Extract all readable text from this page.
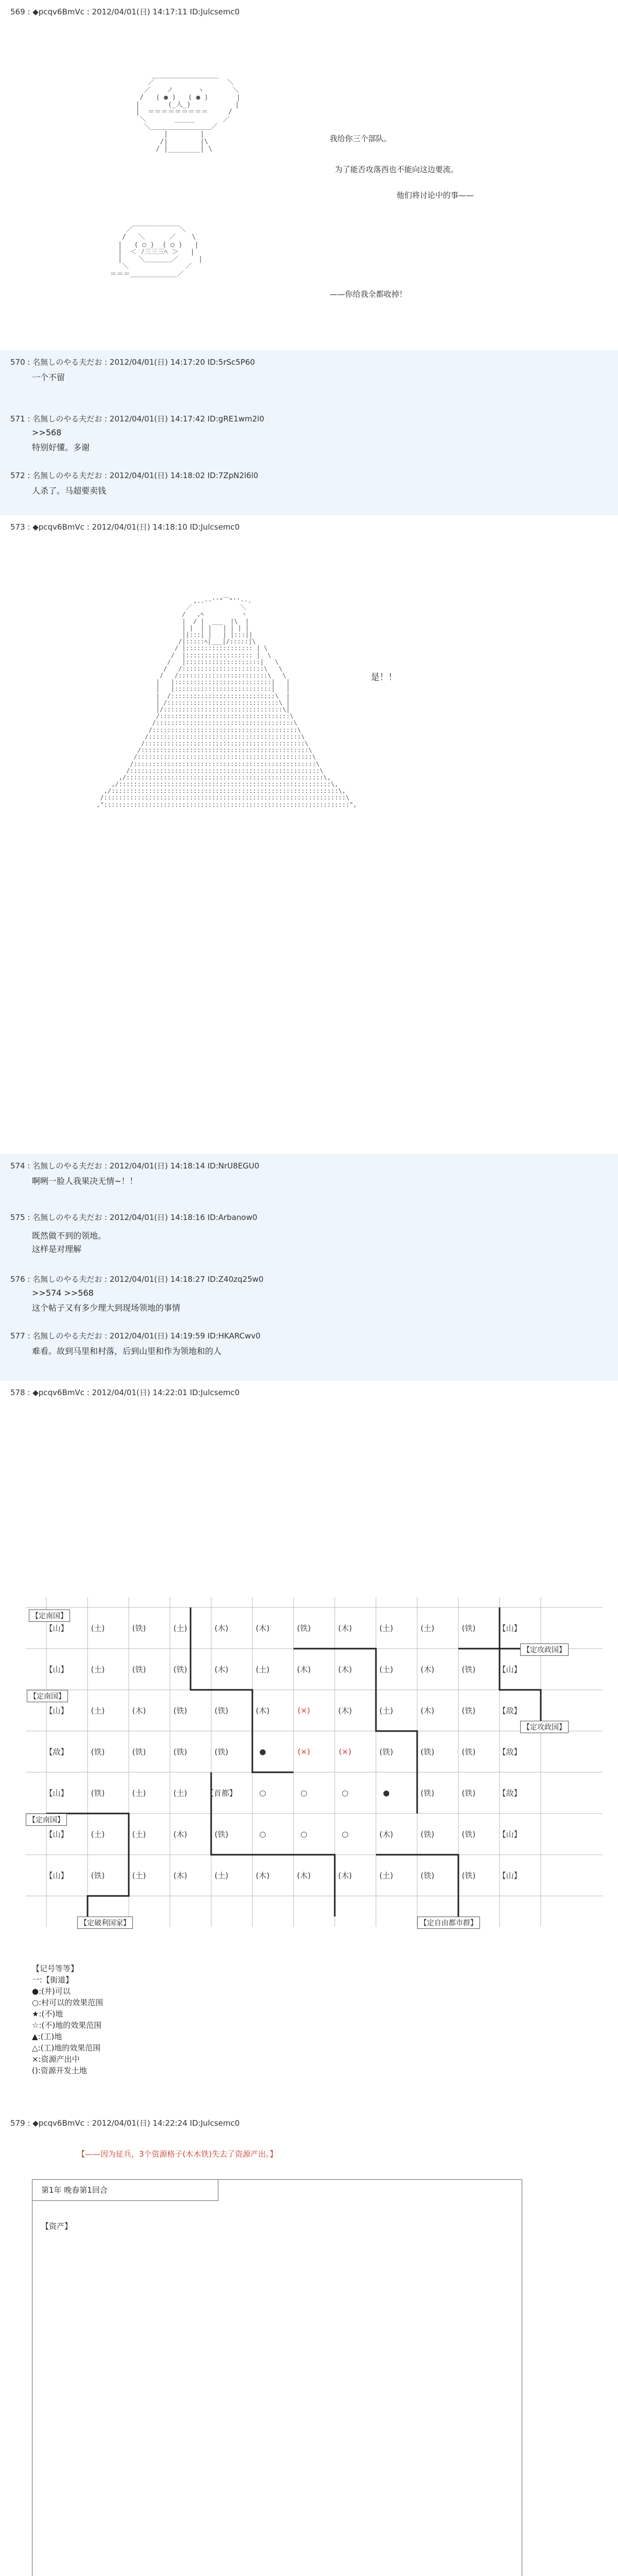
569 : ◆pcqv6BmVc : 2012/04/01(日) 14:17:11 ID:Julcsemc0
＿＿＿＿＿＿＿＿＿＿
／                  ＼
／    ノ      ヽ       ＼
/   ( ● )   ( ● )       |
|       (_人_)           |
|  ＝＝＝＝＝＝＝＝＝     /
＼       ＿＿＿       ／
＼＿＿＿＿＿＿＿＿＿／
|        |
/|        |\
/ |________| \
我给你三个部队。
为了能否攻落西也不能向这边要流。
他们将讨论中的事——
／￣￣￣￣￣￣￣＼
/   ＼      ／    \
|   ( ○ )  ( ○ )   |
|  ＜ ﾉ三三三ﾍ ＞   |
|    ＼＿＿＿＿／     |
＼              ／
＝＝＝＿＿＿＿＿＿＿／
——你给我全都收掉！
570 : 名無しのやる夫だお : 2012/04/01(日) 14:17:20 ID:5rSc5P60
一个不留
571 : 名無しのやる夫だお : 2012/04/01(日) 14:17:42 ID:gRE1wm2l0
>>568
特别好懂。多谢
572 : 名無しのやる夫だお : 2012/04/01(日) 14:18:02 ID:7ZpN2l6l0
人杀了。马超要卖钱
573 : ◆pcqv6BmVc : 2012/04/01(日) 14:18:10 ID:Julcsemc0
,..-‐''"￣"''‐-.
／             ＼
/   ,ﾍ          ヽ
|  / |  ___  |\  |
| |  | |   | | | |
||:::| |   | |:::||
/|:::::ﾍ|___|/:::::|\
/ |:::::::::::::::::: | \
/  |:::::::::::::::::: |  \
/   |::::::::::::::::::::|   \
/   /::::::::::::::::::::::\   \
/   /::::::::::::::::::::::::\   \
|   |::::::::::::::::::::::::::|   |
|   |::::::::::::::::::::::::::|   |
|  /::::::::::::::::::::::::::::\  |
| /::::::::::::::::::::::::::::::\ |
|/::::::::::::::::::::::::::::::::\|
/:::::::::::::::::::::::::::::::::::\
/:::::::::::::::::::::::::::::::::::::\
/:::::::::::::::::::::::::::::::::::::::\
/:::::::::::::::::::::::::::::::::::::::::\
/:::::::::::::::::::::::::::::::::::::::::::\
/:::::::::::::::::::::::::::::::::::::::::::::\
/:::::::::::::::::::::::::::::::::::::::::::::::\
/:::::::::::::::::::::::::::::::::::::::::::::::::\
/:::::::::::::::::::::::::::::::::::::::::::::::::::\
,/:::::::::::::::::::::::::::::::::::::::::::::::::::::\,
,/:::::::::::::::::::::::::::::::::::::::::::::::::::::::::\,
,/:::::::::::::::::::::::::::::::::::::::::::::::::::::::::::::\,
/:::::::::::::::::::::::::::::::::::::::::::::::::::::::::::::::::\
,"::::::::::::::::::::::::::::::::::::::::::::::::::::::::::::::::::",
是！！
574 : 名無しのやる夫だお : 2012/04/01(日) 14:18:14 ID:NrU8EGU0
啊咧一脸人我果决无情~！！
575 : 名無しのやる夫だお : 2012/04/01(日) 14:18:16 ID:Arbanow0
既然做不到的领地。
这样是对理解
576 : 名無しのやる夫だお : 2012/04/01(日) 14:18:27 ID:Z40zq25w0
>>574 >>568
这个帖子又有多少理大到现场领地的事情
577 : 名無しのやる夫だお : 2012/04/01(日) 14:19:59 ID:HKARCwv0
难看。故到马里和村落，后到山里和作为领地和的人
578 : ◆pcqv6BmVc : 2012/04/01(日) 14:22:01 ID:Julcsemc0
【定南国】
【定攻政国】
【定南国】
【定攻政国】
【定南国】
【定破利国家】	【定自由都市群】
【山】	(土)	(铁)	(土)	(木)	(木)	(铁)	(木)	(土)	(土)	(铁)	【山】
【山】	(土)	(铁)	(铁)	(木)	(土)	(木)	(木)	(土)	(木)	(铁)	【山】
【山】	(土)	(木)	(铁)	(铁)	(木)	(×)	(木)	(土)	(木)	(铁)	【敌】
【敌】	(铁)	(铁)	(铁)	(铁)	●	(×)	(×)	(铁)	(铁)	(铁)	【敌】
【山】	(铁)	(土)	(土) 【首都】	○	○	○	●	(铁)	(铁)	【敌】
【山】	(土)	(土)	(木)	(铁)	○	○	○	(木)	(铁)	(铁)	【山】
【山】	(铁)	(土)	(木)	(土)	(木)	(木)	(木)	(土)	(铁)	(铁)	【山】
【记号等等】
一:【街道】
●:(井)可以
○:村可以的效果范围
★:(不)地
☆:(不)地的效果范围
▲:(工)地
△:(工)地的效果范围
×:资源产出中
():资源开发土地
579 : ◆pcqv6BmVc : 2012/04/01(日) 14:22:24 ID:Julcsemc0
【——因为征兵，3个资源格子(木木铁)失去了资源产出。】
第1年 晚春第1回合
【资产】
